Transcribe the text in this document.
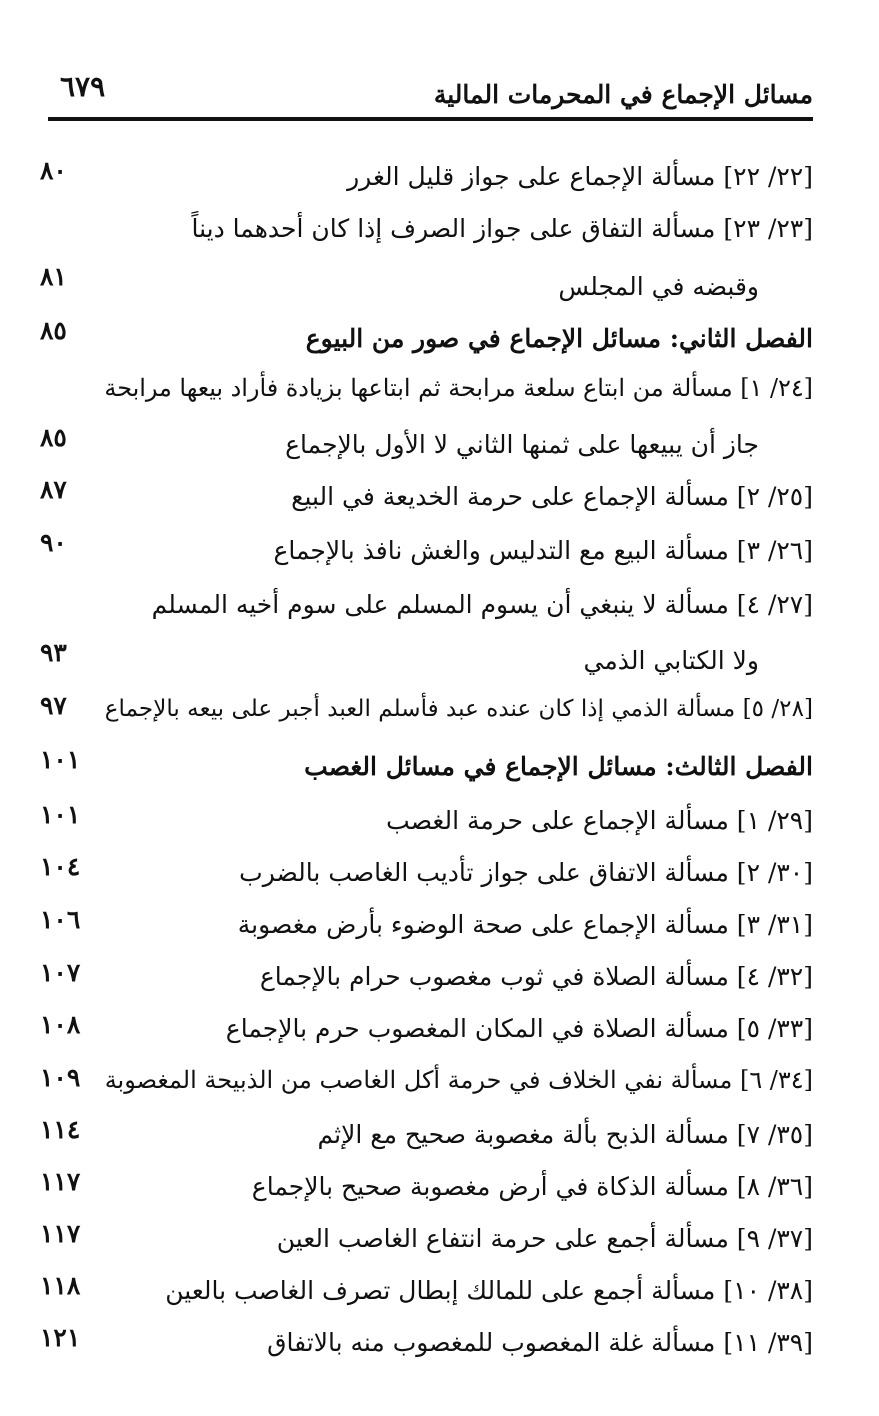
مسائل الإجماع في المحرمات المالية
٦٧٩
[٢٢/ ٢٢] مسألة الإجماع على جواز قليل الغرر
٨٠
[٢٣/ ٢٣] مسألة التفاق على جواز الصرف إذا كان أحدهما ديناً
وقبضه في المجلس
٨١
الفصل الثاني: مسائل الإجماع في صور من البيوع
٨٥
[٢٤/ ١] مسألة من ابتاع سلعة مرابحة ثم ابتاعها بزيادة فأراد بيعها مرابحة
جاز أن يبيعها على ثمنها الثاني لا الأول بالإجماع
٨٥
[٢٥/ ٢] مسألة الإجماع على حرمة الخديعة في البيع
٨٧
[٢٦/ ٣] مسألة البيع مع التدليس والغش نافذ بالإجماع
٩٠
[٢٧/ ٤] مسألة لا ينبغي أن يسوم المسلم على سوم أخيه المسلم
ولا الكتابي الذمي
٩٣
[٢٨/ ٥] مسألة الذمي إذا كان عنده عبد فأسلم العبد أجبر على بيعه بالإجماع
٩٧
الفصل الثالث: مسائل الإجماع في مسائل الغصب
١٠١
[٢٩/ ١] مسألة الإجماع على حرمة الغصب
١٠١
[٣٠/ ٢] مسألة الاتفاق على جواز تأديب الغاصب بالضرب
١٠٤
[٣١/ ٣] مسألة الإجماع على صحة الوضوء بأرض مغصوبة
١٠٦
[٣٢/ ٤] مسألة الصلاة في ثوب مغصوب حرام بالإجماع
١٠٧
[٣٣/ ٥] مسألة الصلاة في المكان المغصوب حرم بالإجماع
١٠٨
[٣٤/ ٦] مسألة نفي الخلاف في حرمة أكل الغاصب من الذبيحة المغصوبة
١٠٩
[٣٥/ ٧] مسألة الذبح بألة مغصوبة صحيح مع الإثم
١١٤
[٣٦/ ٨] مسألة الذكاة في أرض مغصوبة صحيح بالإجماع
١١٧
[٣٧/ ٩] مسألة أجمع على حرمة انتفاع الغاصب العين
١١٧
[٣٨/ ١٠] مسألة أجمع على للمالك إبطال تصرف الغاصب بالعين
١١٨
[٣٩/ ١١] مسألة غلة المغصوب للمغصوب منه بالاتفاق
١٢١
